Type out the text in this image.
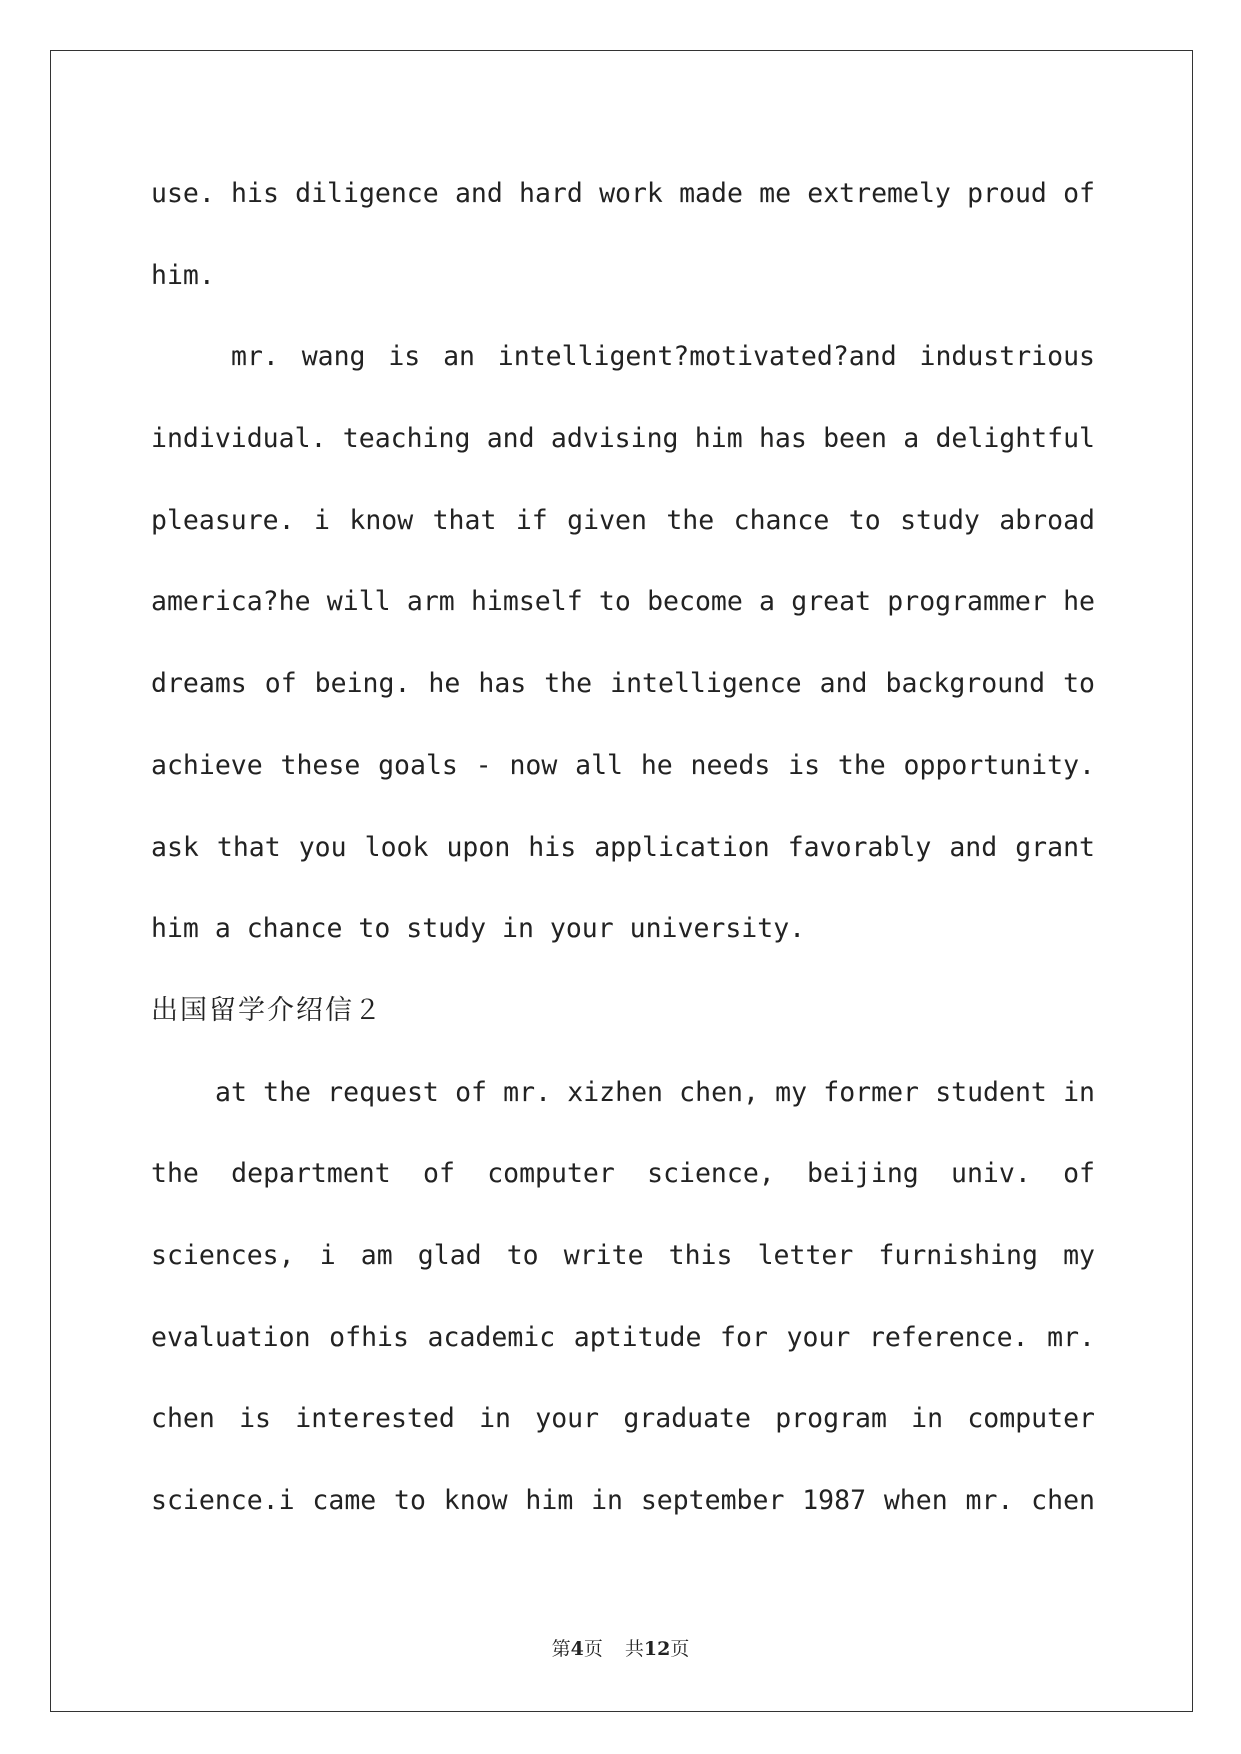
use. his diligence and hard work made me extremely proud of
him.
mr. wang is an intelligent?motivated?and industrious
individual. teaching and advising him has been a delightful
pleasure. i know that if given the chance to study abroad
america?he will arm himself to become a great programmer he
dreams of being. he has the intelligence and background to
achieve these goals - now all he needs is the opportunity.
ask that you look upon his application favorably and grant
him a chance to study in your university.
出国留学介绍信２
at the request of mr. xizhen chen, my former student in
the department of computer science, beijing univ. of
sciences, i am glad to write this letter furnishing my
evaluation ofhis academic aptitude for your reference. mr.
chen is interested in your graduate program in computer
science.i came to know him in september 1987 when mr. chen
第4页 共12页
